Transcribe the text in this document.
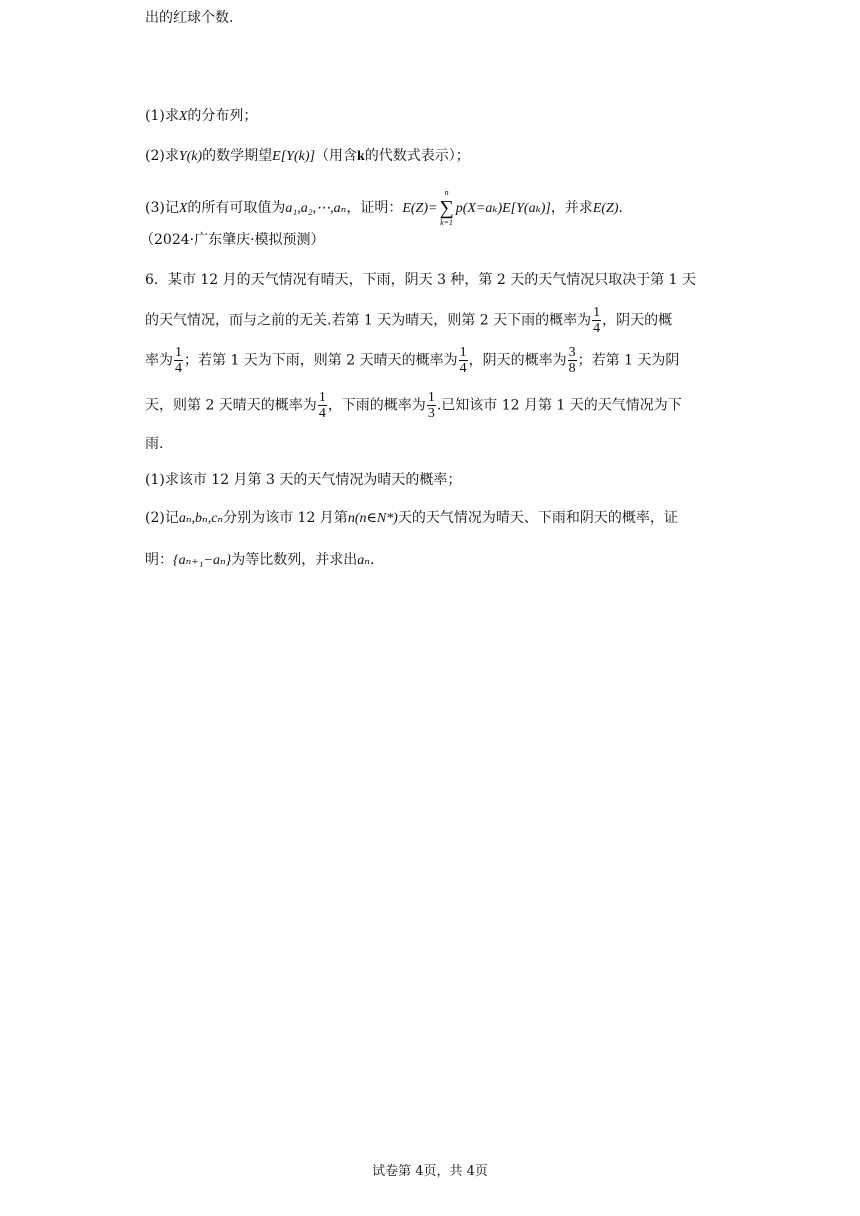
出的红球个数.
(1)求X的分布列；
(2)求Y(k)的数学期望E[Y(k)]（用含k的代数式表示）；
(3)记X的所有可取值为a₁,a₂,⋯,aₙ，证明：E(Z)=
n
∑
k=1
p(X=aₖ)E[Y(aₖ)]，并求E(Z).
（2024·广东肇庆·模拟预测）
6．某市 12 月的天气情况有晴天，下雨，阴天 3 种，第 2 天的天气情况只取决于第 1 天
的天气情况，而与之前的无关.若第 1 天为晴天，则第 2 天下雨的概率为 $\frac{1}{4}$ ，阴天的概
率为 $\frac{1}{4}$ ；若第 1 天为下雨，则第 2 天晴天的概率为 $\frac{1}{4}$ ，阴天的概率为 $\frac{3}{8}$ ；若第 1 天为阴
天，则第 2 天晴天的概率为 $\frac{1}{4}$ ，下雨的概率为 $\frac{1}{3}$ .已知该市 12 月第 1 天的天气情况为下
雨.
(1)求该市 12 月第 3 天的天气情况为晴天的概率；
(2)记aₙ,bₙ,cₙ分别为该市 12 月第n(n∈N*)天的天气情况为晴天、下雨和阴天的概率，证
明：{aₙ₊₁−aₙ}为等比数列，并求出aₙ.
试卷第 4页，共 4页
